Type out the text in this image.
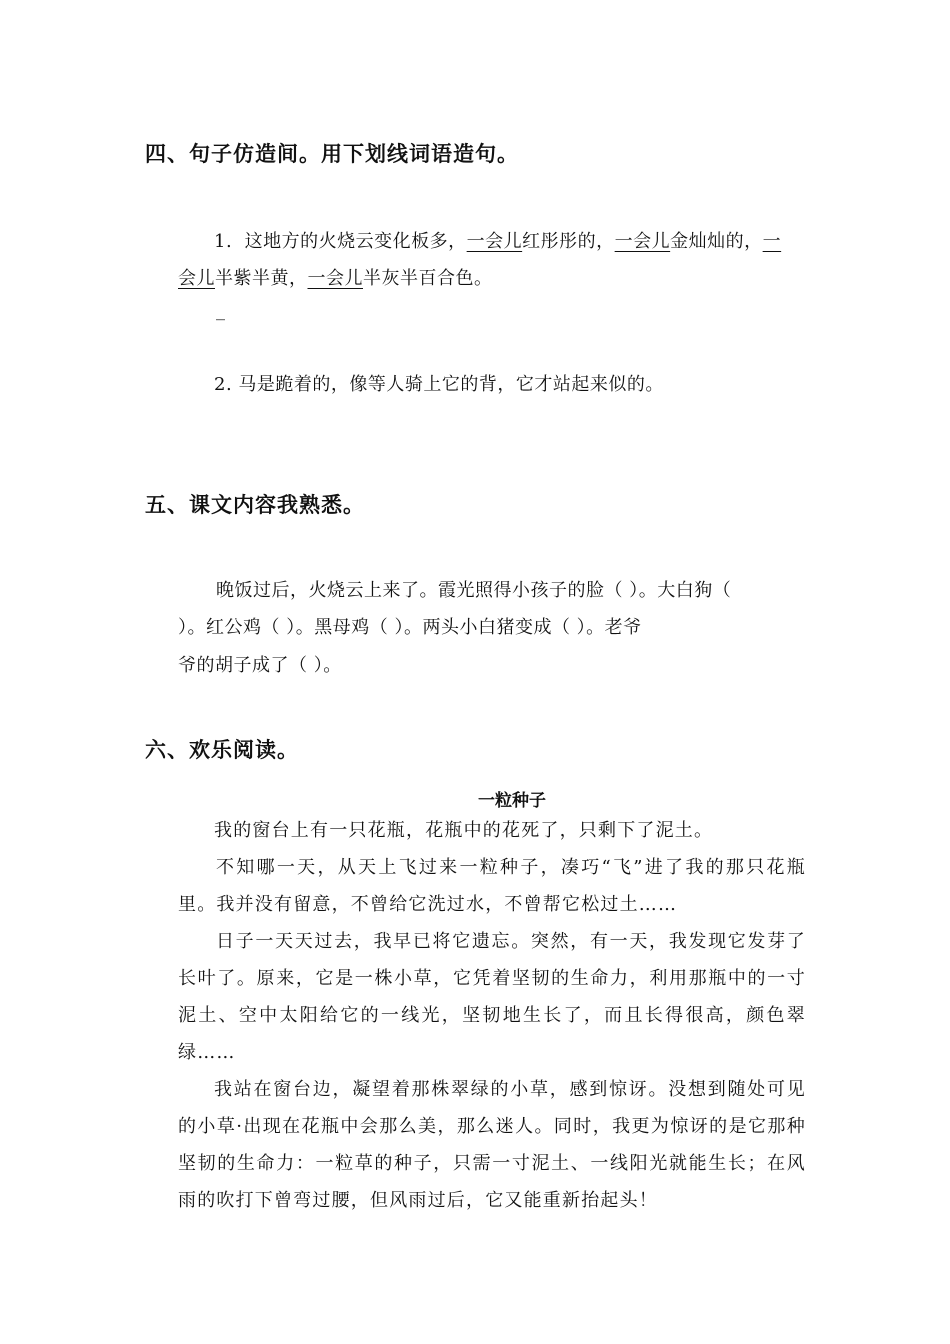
四、句子仿造间。用下划线词语造句。
1. 这地方的火烧云变化板多，一会儿红彤彤的，一会儿金灿灿的，一
会儿半紫半黄，一会儿半灰半百合色。
_
2. 马是跪着的，像等人骑上它的背，它才站起来似的。
五、课文内容我熟悉。
晚饭过后，火烧云上来了。霞光照得小孩子的脸（ ）。大白狗（
）。红公鸡（ ）。黑母鸡（ ）。两头小白猪变成（ ）。老爷
爷的胡子成了（ ）。
六、欢乐阅读。
一粒种子

我的窗台上有一只花瓶，花瓶中的花死了，只剩下了泥土。

不知哪一天，从天上飞过来一粒种子，凑巧“飞”进了我的那只花瓶里。我并没有留意，不曾给它洗过水，不曾帮它松过土……

日子一天天过去，我早已将它遗忘。突然，有一天，我发现它发芽了长叶了。原来，它是一株小草，它凭着坚韧的生命力，利用那瓶中的一寸泥土、空中太阳给它的一线光，坚韧地生长了，而且长得很高，颜色翠绿……

我站在窗台边，凝望着那株翠绿的小草，感到惊讶。没想到随处可见的小草·出现在花瓶中会那么美，那么迷人。同时，我更为惊讶的是它那种坚韧的生命力：一粒草的种子，只需一寸泥土、一线阳光就能生长；在风雨的吹打下曾弯过腰，但风雨过后，它又能重新抬起头！
